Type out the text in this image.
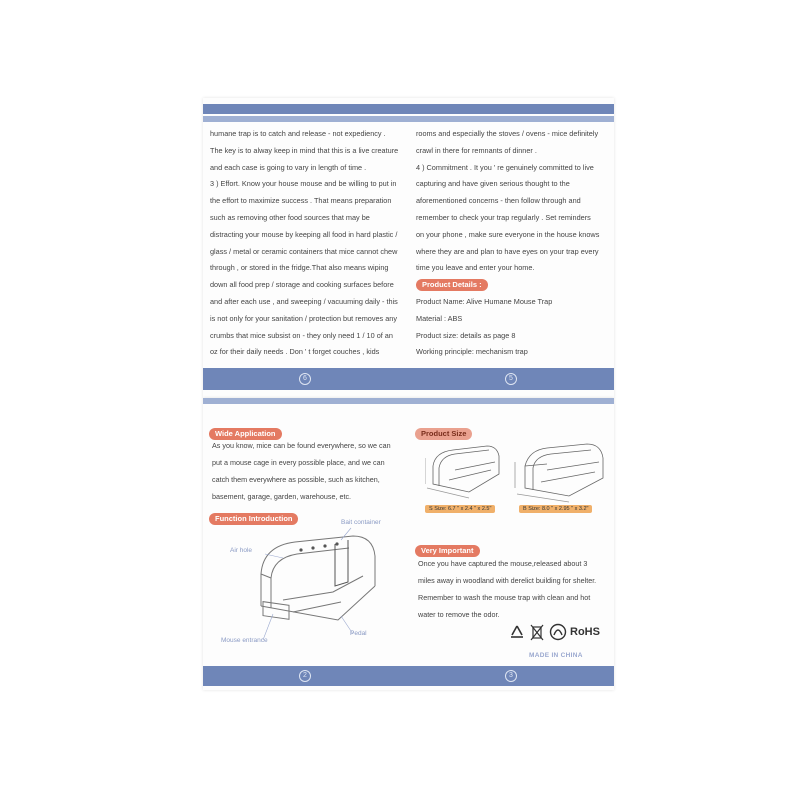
humane trap is to catch and release - not expediency .

The key is to alway keep in mind that this is a live creature

and each case is going to vary in length of time .

3 ) Effort. Know your house mouse and be willing to put in

the effort to maximize success . That means preparation

such as removing other food sources that may be

distracting your mouse by keeping all food in hard plastic /

glass / metal or ceramic containers that mice cannot chew

through , or stored in the fridge.That also means wiping

down all food prep / storage and cooking surfaces before

and after each use , and sweeping / vacuuming daily - this

is not only for your sanitation / protection but removes any

crumbs that mice subsist on - they only need 1 / 10 of an

oz for their daily needs . Don ' t forget couches , kids

rooms and especially the stoves / ovens - mice definitely

crawl in there for remnants of dinner .

4 ) Commitment . It you ' re genuinely committed to live

capturing and have given serious thought to the

aforementioned concerns - then follow through and

remember to check your trap regularly . Set reminders

on your phone , make sure everyone in the house knows

where they are and plan to have eyes on your trap every

time you leave and enter your home.

Product Details :

Product Name: Alive Humane Mouse Trap

Material : ABS

Product size: details as page 8

Working principle: mechanism trap

6	5
Wide Application

As you know, mice can be found everywhere, so we can

put a mouse cage in every possible place, and we can

catch them everywhere as possible, such as kitchen,

basement, garage, garden, warehouse, etc.

Function Introduction	Bait container
Air hole
Mouse entrance
Pedal
Product Size
S Size: 6.7 " x 2.4 " x 2.5"	B Size: 8.0 " x 2.95 " x 3.2"
Very Important

Once you have captured the mouse,released about 3

miles away in woodland with derelict building for shelter.

Remember to wash the mouse trap with clean and hot

water to remove the odor.

RoHS
MADE IN CHINA
2	3
